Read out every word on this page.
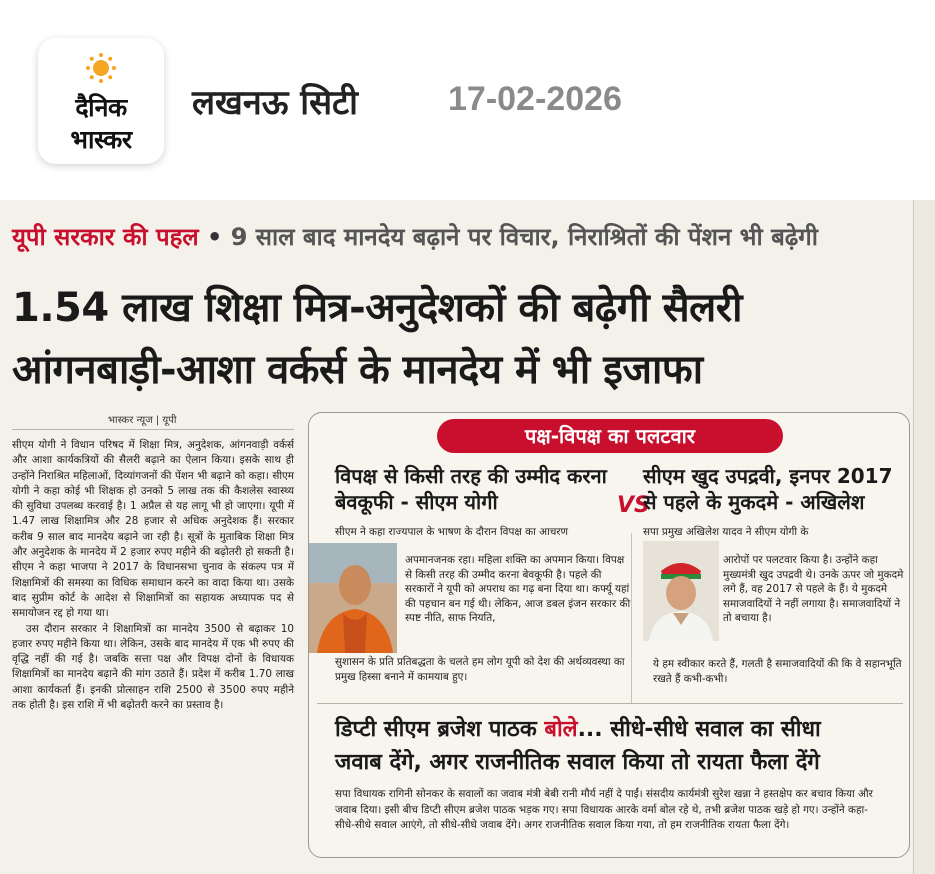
दैनिक
भास्कर
लखनऊ सिटी	17-02-2026
यूपी सरकार की पहल • 9 साल बाद मानदेय बढ़ाने पर विचार, निराश्रितों की पेंशन भी बढ़ेगी
1.54 लाख शिक्षा मित्र-अनुदेशकों की बढ़ेगी सैलरी
आंगनबाड़ी-आशा वर्कर्स के मानदेय में भी इजाफा
भास्कर न्यूज | यूपी

सीएम योगी ने विधान परिषद में शिक्षा मित्र, अनुदेशक, आंगनवाड़ी वर्कर्स और आशा कार्यकत्रियों की सैलरी बढ़ाने का ऐलान किया। इसके साथ ही उन्होंने निराश्रित महिलाओं, दिव्यांगजनों की पेंशन भी बढ़ाने को कहा। सीएम योगी ने कहा कोई भी शिक्षक हो उनको 5 लाख तक की कैशलेस स्वास्थ्य की सुविधा उपलब्ध करवाई है। 1 अप्रैल से यह लागू भी हो जाएगा। यूपी में 1.47 लाख शिक्षामित्र और 28 हजार से अधिक अनुदेशक हैं। सरकार करीब 9 साल बाद मानदेय बढ़ाने जा रही है। सूत्रों के मुताबिक शिक्षा मित्र और अनुदेशक के मानदेय में 2 हजार रुपए महीने की बढ़ोतरी हो सकती है। सीएम ने कहा भाजपा ने 2017 के विधानसभा चुनाव के संकल्प पत्र में शिक्षामित्रों की समस्या का विधिक समाधान करने का वादा किया था। उसके बाद सुप्रीम कोर्ट के आदेश से शिक्षामित्रों का सहायक अध्यापक पद से समायोजन रद्द हो गया था।

उस दौरान सरकार ने शिक्षामित्रों का मानदेय 3500 से बढ़ाकर 10 हजार रुपए महीने किया था। लेकिन, उसके बाद मानदेय में एक भी रुपए की वृद्धि नहीं की गई है। जबकि सत्ता पक्ष और विपक्ष दोनों के विधायक शिक्षामित्रों का मानदेय बढ़ाने की मांग उठाते हैं। प्रदेश में करीब 1.70 लाख आशा कार्यकर्ता हैं। इनकी प्रोत्साहन राशि 2500 से 3500 रुपए महीने तक होती है। इस राशि में भी बढ़ोतरी करने का प्रस्ताव है।

पक्ष-विपक्ष का पलटवार
विपक्ष से किसी तरह की उम्मीद करना बेवकूफी - सीएम योगी	VS
सीएम खुद उपद्रवी, इनपर 2017 से पहले के मुकदमे - अखिलेश
सीएम ने कहा राज्यपाल के भाषण के दौरान विपक्ष का आचरण
अपमानजनक रहा। महिला शक्ति का अपमान किया। विपक्ष से किसी तरह की उम्मीद करना बेवकूफी है। पहले की सरकारों ने यूपी को अपराध का गढ़ बना दिया था। कर्फ्यू यहां की पहचान बन गई थी। लेकिन, आज डबल इंजन सरकार की स्पष्ट नीति, साफ नियति,
सुशासन के प्रति प्रतिबद्धता के चलते हम लोग यूपी को देश की अर्थव्यवस्था का प्रमुख हिस्सा बनाने में कामयाब हुए।
सपा प्रमुख अखिलेश यादव ने सीएम योगी के
आरोपों पर पलटवार किया है। उन्होंने कहा मुख्यमंत्री खुद उपद्रवी थे। उनके ऊपर जो मुकदमे लगे हैं, वह 2017 से पहले के हैं। ये मुकदमे समाजवादियों ने नहीं लगाया है। समाजवादियों ने तो बचाया है।
ये हम स्वीकार करते हैं, गलती है समाजवादियों की कि वे सहानभूति रखते हैं कभी-कभी।
डिप्टी सीएम ब्रजेश पाठक बोले... सीधे-सीधे सवाल का सीधा
जवाब देंगे, अगर राजनीतिक सवाल किया तो रायता फैला देंगे
सपा विधायक रागिनी सोनकर के सवालों का जवाब मंत्री बेबी रानी मौर्य नहीं दे पाईं। संसदीय कार्यमंत्री सुरेश खन्ना ने हस्तक्षेप कर बचाव किया और जवाब दिया। इसी बीच डिप्टी सीएम ब्रजेश पाठक भड़क गए। सपा विधायक आरके वर्मा बोल रहे थे, तभी ब्रजेश पाठक खड़े हो गए। उन्होंने कहा- सीधे-सीधे सवाल आएंगे, तो सीधे-सीधे जवाब देंगे। अगर राजनीतिक सवाल किया गया, तो हम राजनीतिक रायता फैला देंगे।
